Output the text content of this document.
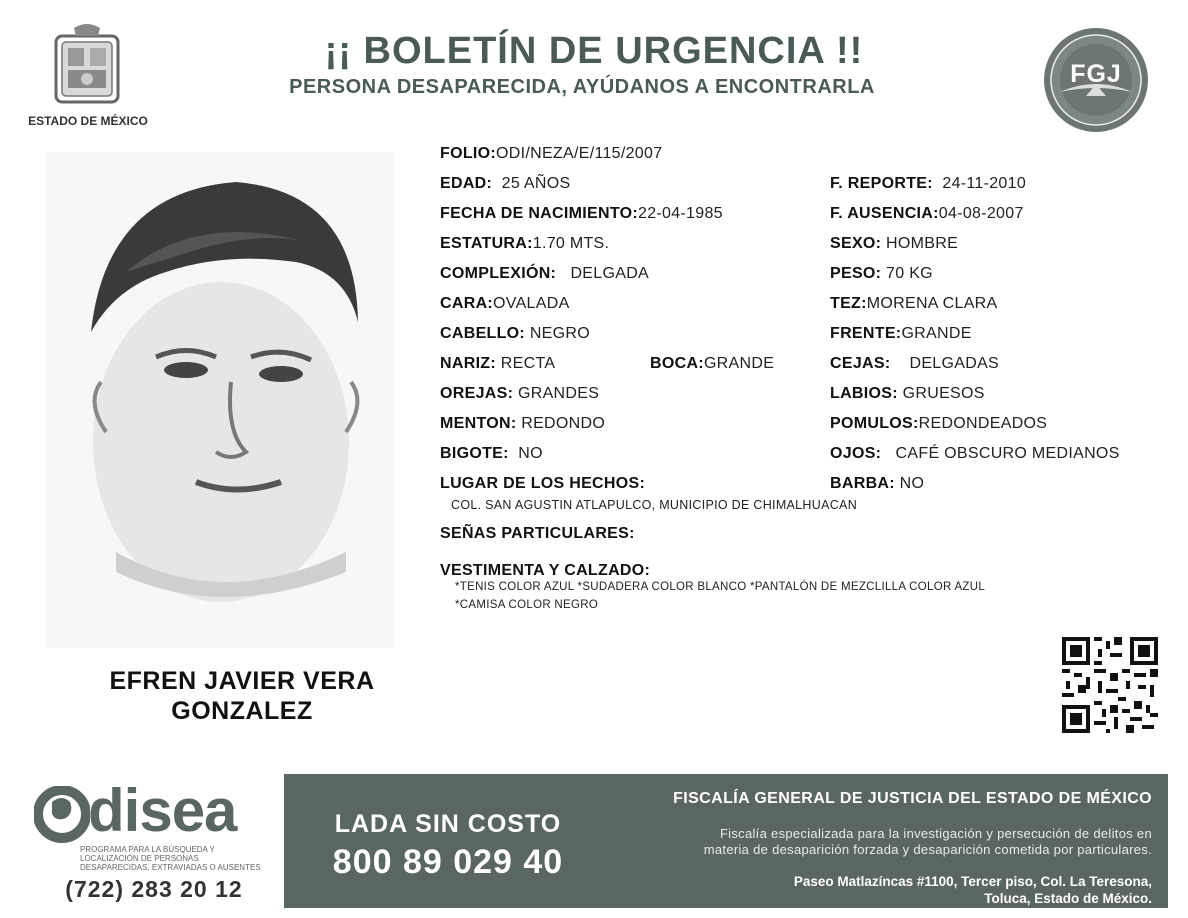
ESTADO DE MÉXICO
¡¡ BOLETÍN DE URGENCIA !!
PERSONA DESAPARECIDA, AYÚDANOS A ENCONTRARLA	FGJ
EFREN JAVIER VERA
GONZALEZ
FOLIO:ODI/NEZA/E/115/2007
EDAD: 25 AÑOS
FECHA DE NACIMIENTO:22-04-1985
ESTATURA:1.70 MTS.
COMPLEXIÓN: DELGADA
CARA:OVALADA
CABELLO: NEGRO
NARIZ: RECTA	BOCA:GRANDE
OREJAS: GRANDES
MENTON: REDONDO
BIGOTE: NO
LUGAR DE LOS HECHOS:
COL. SAN AGUSTIN ATLAPULCO, MUNICIPIO DE CHIMALHUACAN
SEÑAS PARTICULARES:
VESTIMENTA Y CALZADO:
*TENIS COLOR AZUL *SUDADERA COLOR BLANCO *PANTALÓN DE MEZCLILLA COLOR AZUL
*CAMISA COLOR NEGRO
F. REPORTE: 24-11-2010
F. AUSENCIA:04-08-2007
SEXO: HOMBRE
PESO: 70 KG
TEZ:MORENA CLARA
FRENTE:GRANDE
CEJAS: DELGADAS
LABIOS: GRUESOS
POMULOS:REDONDEADOS
OJOS: CAFÉ OBSCURO MEDIANOS
BARBA: NO
disea
PROGRAMA PARA LA BÚSQUEDA Y LOCALIZACIÓN DE PERSONAS DESAPARECIDAS, EXTRAVIADAS O AUSENTES
(722) 283 20 12
LADA SIN COSTO
800 89 029 40
FISCALÍA GENERAL DE JUSTICIA DEL ESTADO DE MÉXICO
Fiscalía especializada para la investigación y persecución de delitos en
materia de desaparición forzada y desaparición cometida por particulares.
Paseo Matlazíncas #1100, Tercer piso, Col. La Teresona,
Toluca, Estado de México.
